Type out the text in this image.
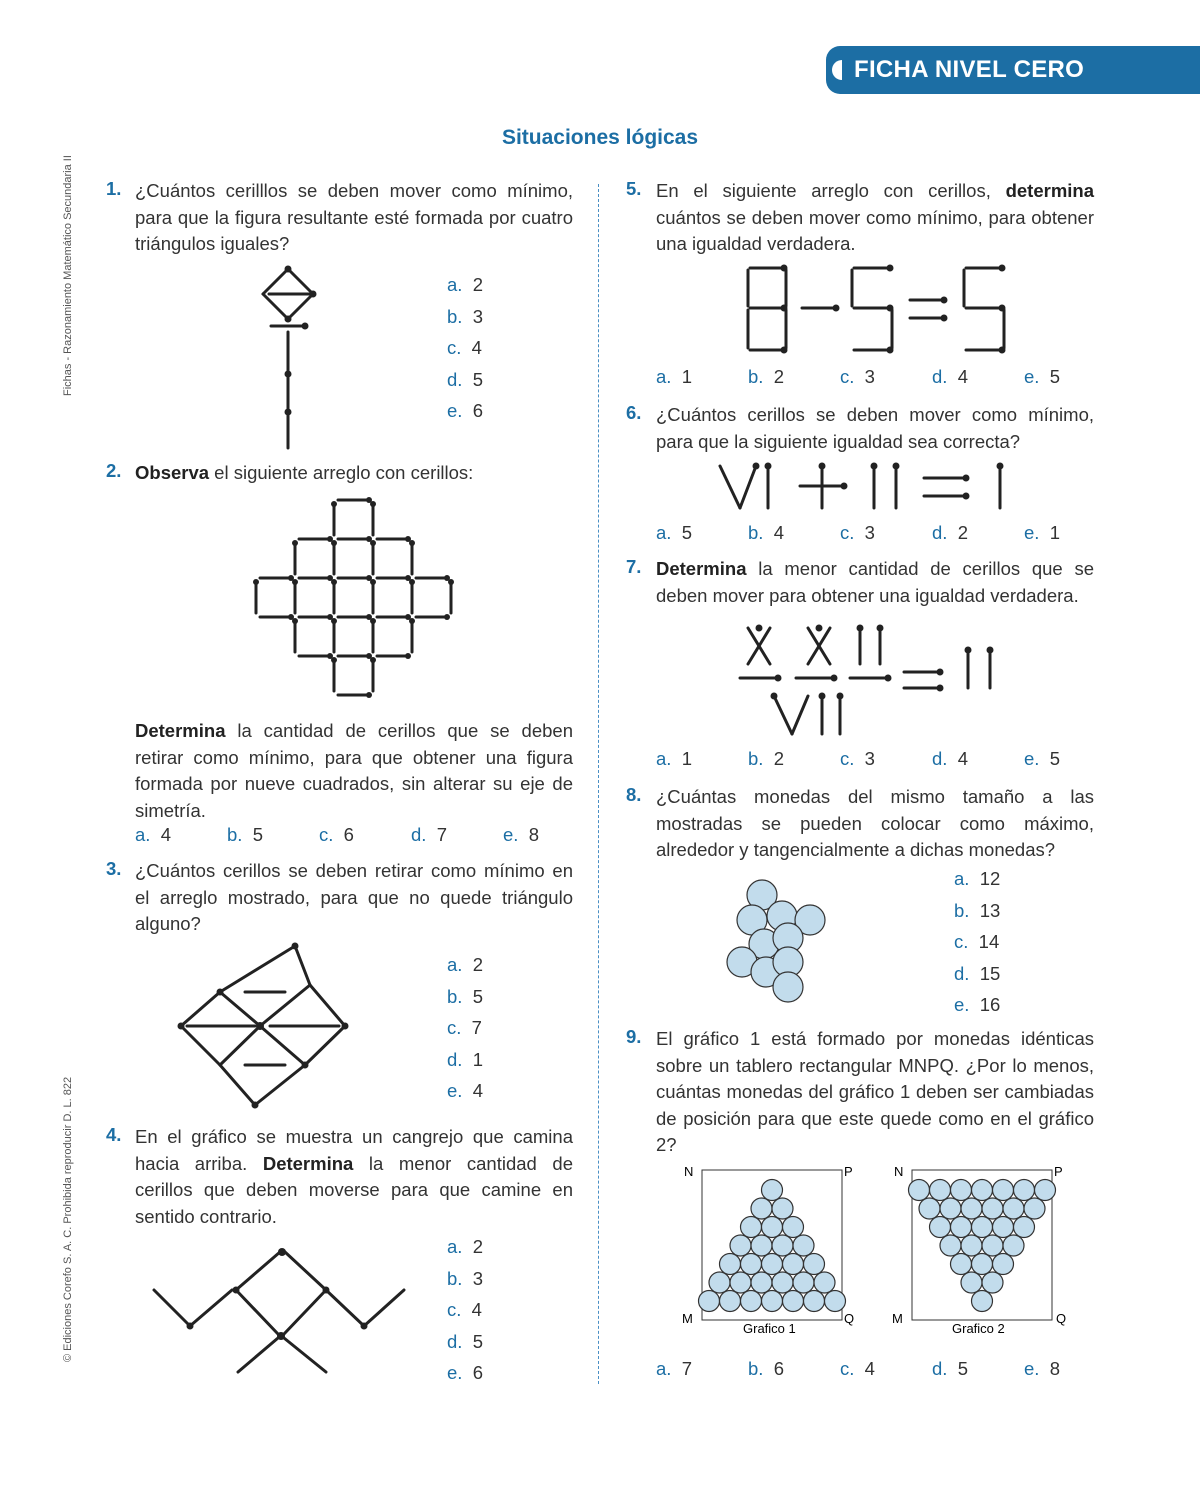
FICHA NIVEL CERO
Fichas - Razonamiento Matemático Secundaria II
© Ediciones Corefo S. A. C. Prohibida reproducir D. L. 822
Situaciones lógicas
1. ¿Cuántos cerilllos se deben mover como mínimo, para que la figura resultante esté formada por cuatro triángulos iguales?
a.  2
b.  3
c.  4
d.  5
e.  6
2. Observa el siguiente arreglo con cerillos:
Determina la cantidad de cerillos que se deben retirar como mínimo, para que obtener una figura formada por nueve cuadrados, sin alterar su eje de simetría.
a.  4	b.  5	c.  6	d.  7	e.  8
3. ¿Cuántos cerillos se deben retirar como mínimo en el arreglo mostrado, para que no quede triángulo alguno?
a.  2
b.  5
c.  7
d.  1
e.  4
4. En el gráfico se muestra un cangrejo que camina hacia arriba. Determina la menor cantidad de cerillos que deben moverse para que camine en sentido contrario.
a.  2
b.  3
c.  4
d.  5
e.  6
5. En el siguiente arreglo con cerillos, determina cuántos se deben mover como mínimo, para obtener una igualdad verdadera.
a.  1	b.  2	c.  3	d.  4	e.  5
6. ¿Cuántos cerillos se deben mover como mínimo, para que la siguiente igualdad sea correcta?
a.  5	b.  4	c.  3	d.  2	e.  1
7. Determina la menor cantidad de cerillos que se deben mover para obtener una igualdad verdadera.
a.  1	b.  2	c.  3	d.  4	e.  5
8. ¿Cuántas monedas del mismo tamaño a las mostradas se pueden colocar como máximo, alrededor y tangencialmente a dichas monedas?
a.  12
b.  13
c.  14
d.  15
e.  16
9. El gráfico 1 está formado por monedas idénticas sobre un tablero rectangular MNPQ. ¿Por lo menos, cuántas monedas del gráfico 1 deben ser cambiadas de posición para que este quede como en el gráfico 2?
N	P
M	Q
Grafico 1
N	P
M	Q
Grafico 2
a.  7	b.  6	c.  4	d.  5	e.  8
